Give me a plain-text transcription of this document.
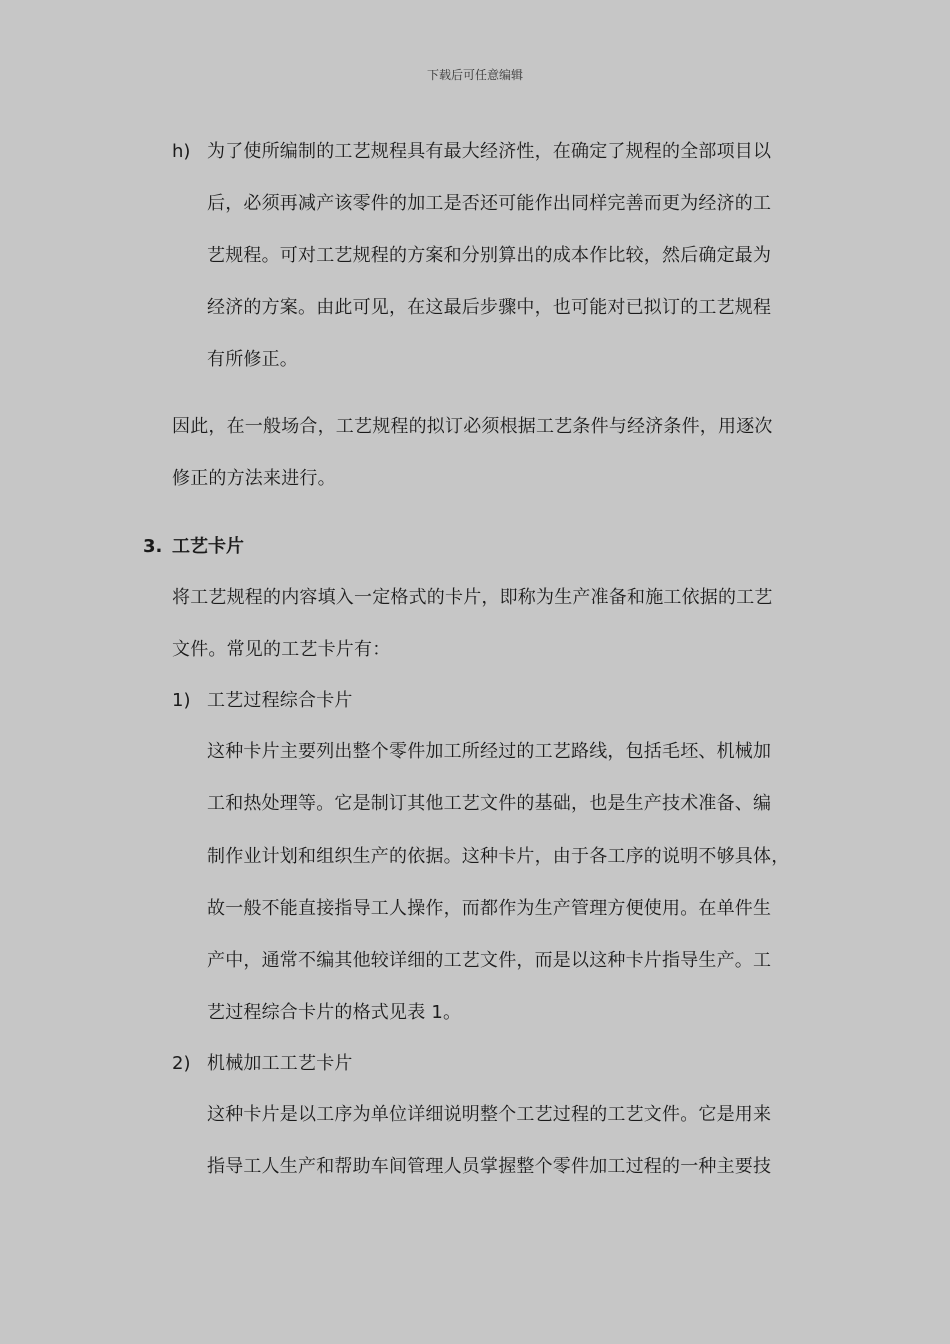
下载后可任意编辑
h) 为了使所编制的工艺规程具有最大经济性，在确定了规程的全部项目以
后，必须再减产该零件的加工是否还可能作出同样完善而更为经济的工
艺规程。可对工艺规程的方案和分别算出的成本作比较，然后确定最为
经济的方案。由此可见，在这最后步骤中，也可能对已拟订的工艺规程
有所修正。
因此，在一般场合，工艺规程的拟订必须根据工艺条件与经济条件，用逐次
修正的方法来进行。
3. 工艺卡片
将工艺规程的内容填入一定格式的卡片，即称为生产准备和施工依据的工艺
文件。常见的工艺卡片有：
1) 工艺过程综合卡片
这种卡片主要列出整个零件加工所经过的工艺路线，包括毛坯、机械加
工和热处理等。它是制订其他工艺文件的基础，也是生产技术准备、编
制作业计划和组织生产的依据。这种卡片，由于各工序的说明不够具体，
故一般不能直接指导工人操作，而都作为生产管理方便使用。在单件生
产中，通常不编其他较详细的工艺文件，而是以这种卡片指导生产。工
艺过程综合卡片的格式见表 1。
2) 机械加工工艺卡片
这种卡片是以工序为单位详细说明整个工艺过程的工艺文件。它是用来
指导工人生产和帮助车间管理人员掌握整个零件加工过程的一种主要技
